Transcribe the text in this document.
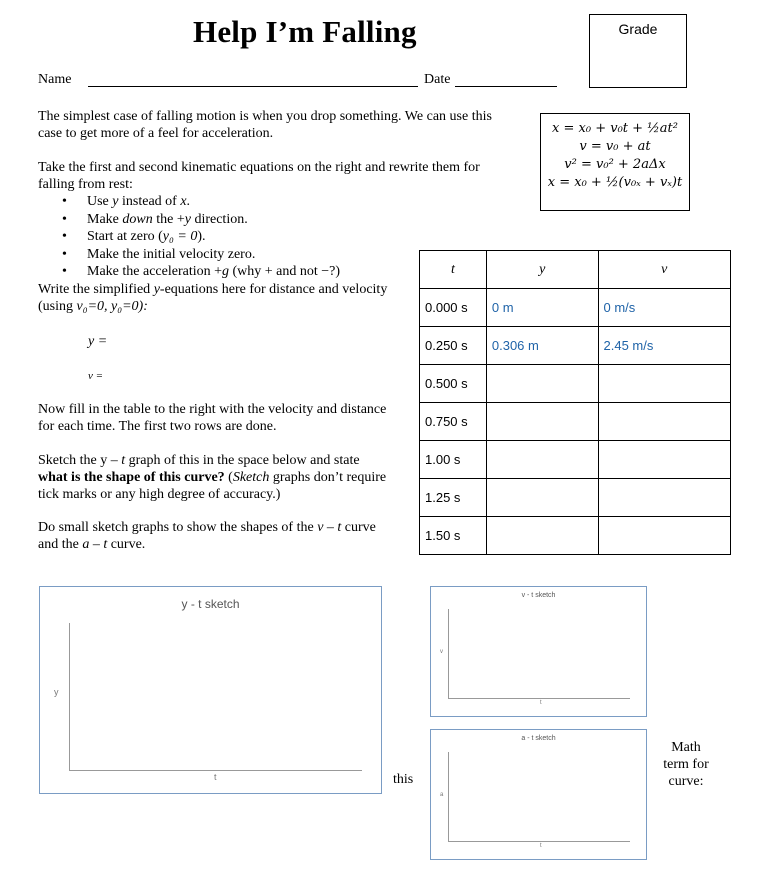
Help I’m Falling	Grade
Name	Date
The simplest case of falling motion is when you drop something. We can use this
case to get more of a feel for acceleration.	x = x₀ + v₀t + ½at²
v = v₀ + at
v² = v₀² + 2aΔx
x = x₀ + ½(v₀ₓ + vₓ)t
Take the first and second kinematic equations on the right and rewrite them for
falling from rest:
• Use y instead of x.
• Make down the +y direction.
• Start at zero (y₀ = 0).
• Make the initial velocity zero.
• Make the acceleration +g (why + and not −?)
Write the simplified y-equations here for distance and velocity
(using v₀=0, y₀=0):
y =
v =
Now fill in the table to the right with the velocity and distance
for each time. The first two rows are done.
Sketch the y – t graph of this in the space below and state
what is the shape of this curve? (Sketch graphs don’t require
tick marks or any high degree of accuracy.)
Do small sketch graphs to show the shapes of the v – t curve
and the a – t curve.
t	y	v
0.000 s	0 m	0 m/s
0.250 s	0.306 m	2.45 m/s
0.500 s		
0.750 s		
1.00 s		
1.25 s		
1.50 s		
y - t sketch
y
t	this
v - t sketch
v
t
a - t sketch
a
t
Math
term for
curve:
